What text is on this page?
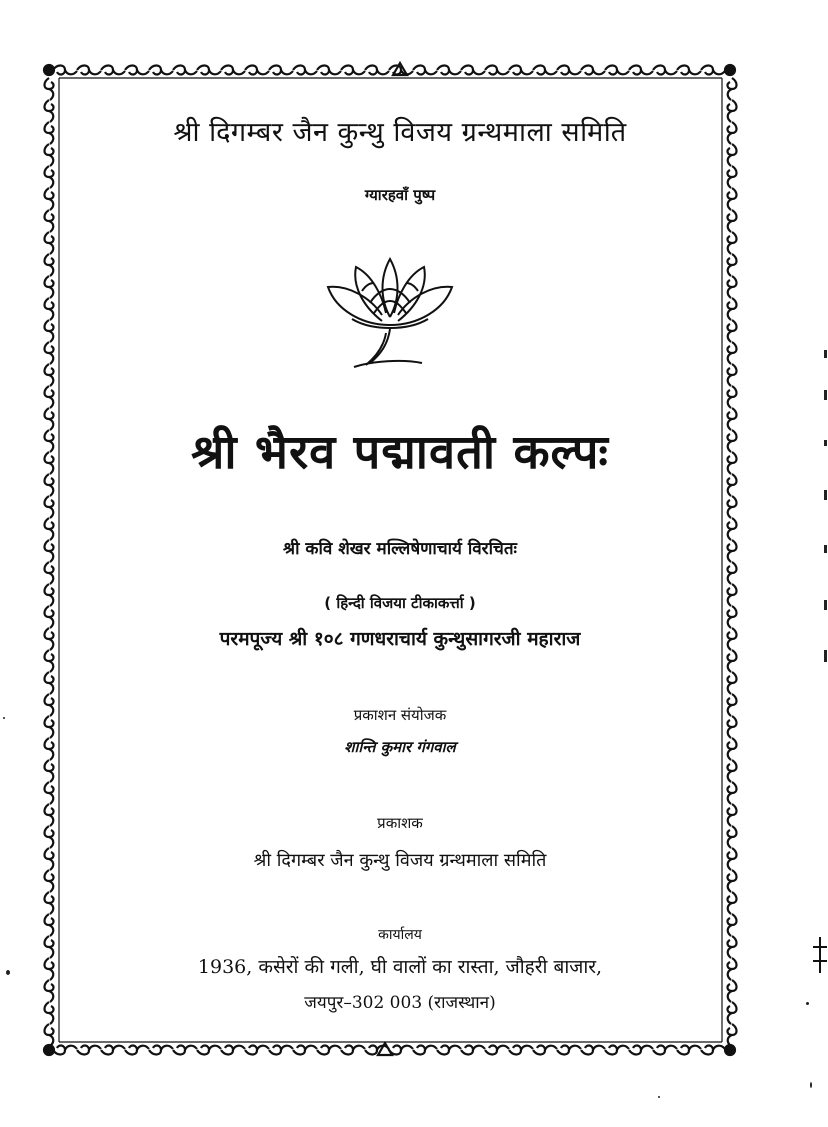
श्री दिगम्बर जैन कुन्थु विजय ग्रन्थमाला समिति
ग्यारहवाँ पुष्प
श्री भैरव पद्मावती कल्पः
श्री कवि शेखर मल्लिषेणाचार्य विरचितः
( हिन्दी विजया टीकाकर्त्ता )
परमपूज्य श्री १०८ गणधराचार्य कुन्थुसागरजी महाराज
प्रकाशन संयोजक
शान्ति कुमार गंगवाल
प्रकाशक
श्री दिगम्बर जैन कुन्थु विजय ग्रन्थमाला समिति
कार्यालय
1936, कसेरों की गली, घी वालों का रास्ता, जौहरी बाजार,
जयपुर–302 003 (राजस्थान)
